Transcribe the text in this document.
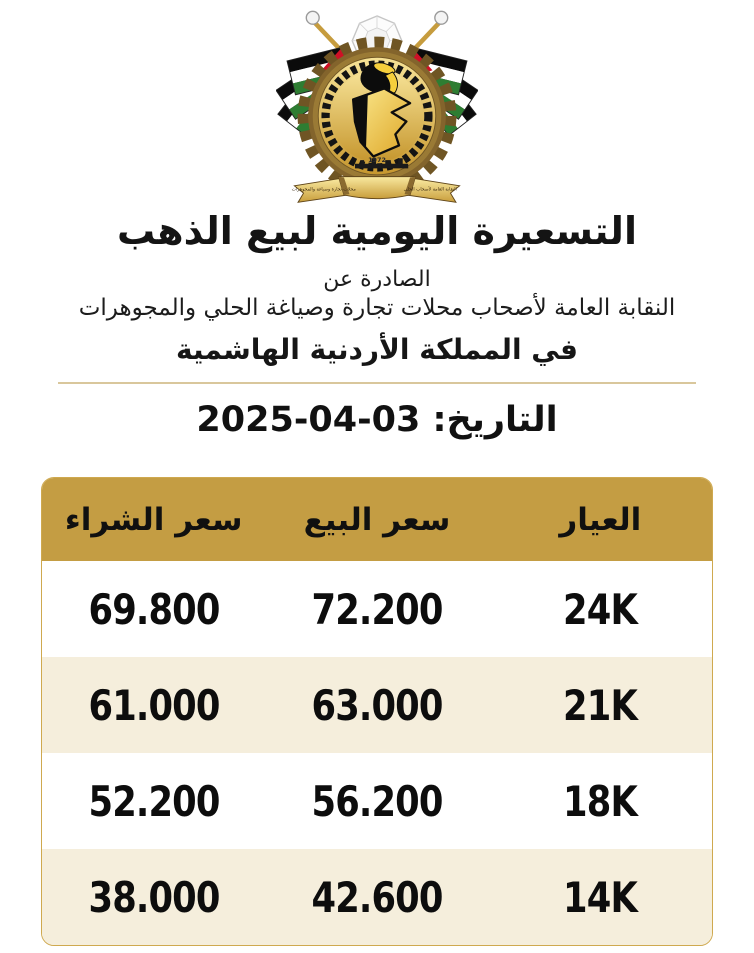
1972
النقابة العامة لأصحاب الحلي
محلات تجارة وصياغة والمجوهرات
التسعيرة اليومية لبيع الذهب
الصادرة عن
النقابة العامة لأصحاب محلات تجارة وصياغة الحلي والمجوهرات
في المملكة الأردنية الهاشمية
التاريخ: 03-04-2025
سعر الشراء	سعر البيع	العيار
69.800	72.200	24K
61.000	63.000	21K
52.200	56.200	18K
38.000	42.600	14K
